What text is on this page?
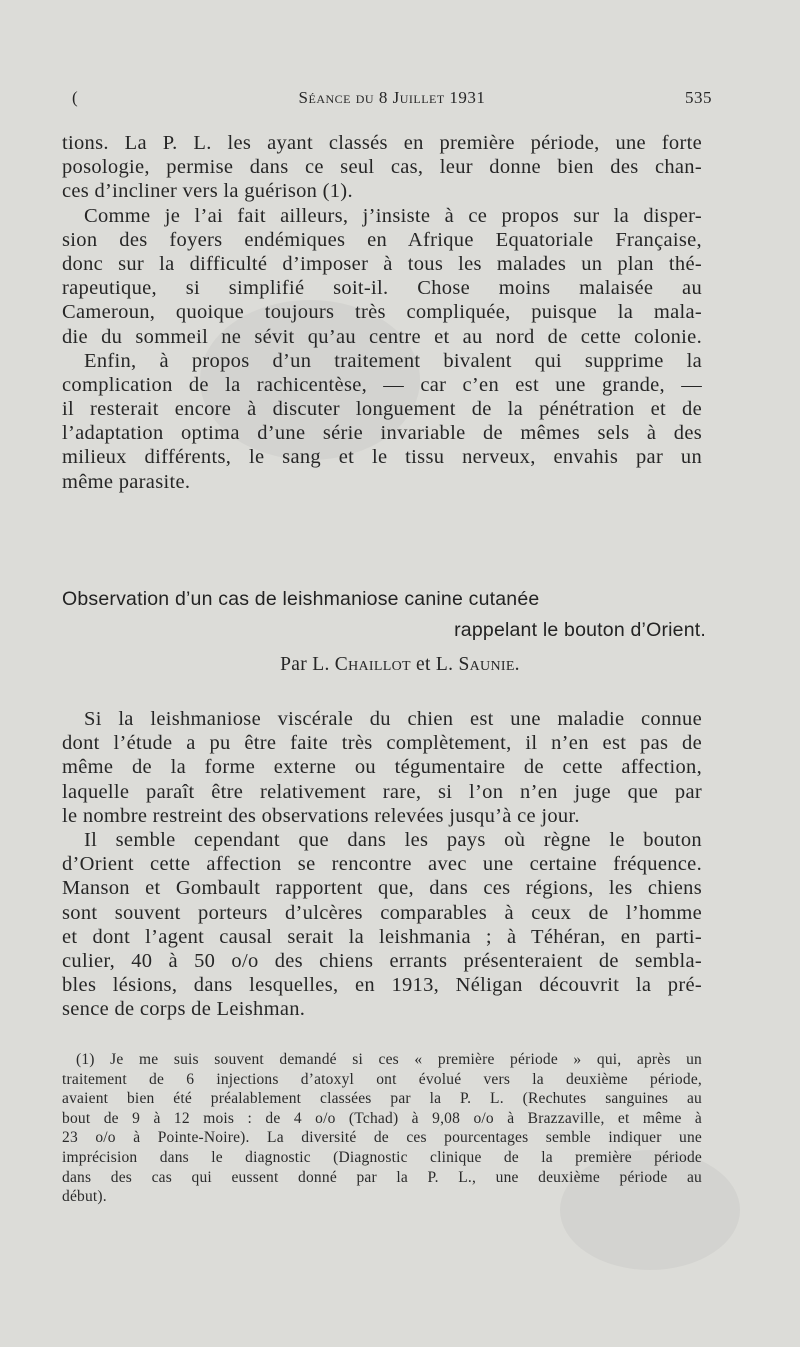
(	Séance du 8 Juillet 1931	535
tions. La P. L. les ayant classés en première période, une forte
posologie, permise dans ce seul cas, leur donne bien des chan-
ces d’incliner vers la guérison (1).
Comme je l’ai fait ailleurs, j’insiste à ce propos sur la disper-
sion des foyers endémiques en Afrique Equatoriale Française,
donc sur la difficulté d’imposer à tous les malades un plan thé-
rapeutique, si simplifié soit-il. Chose moins malaisée au
Cameroun, quoique toujours très compliquée, puisque la mala-
die du sommeil ne sévit qu’au centre et au nord de cette colonie.
Enfin, à propos d’un traitement bivalent qui supprime la
complication de la rachicentèse, — car c’en est une grande, —
il resterait encore à discuter longuement de la pénétration et de
l’adaptation optima d’une série invariable de mêmes sels à des
milieux différents, le sang et le tissu nerveux, envahis par un
même parasite.
Observation d’un cas de leishmaniose canine cutanée
rappelant le bouton d’Orient.
Par L. Chaillot et L. Saunie.
Si la leishmaniose viscérale du chien est une maladie connue
dont l’étude a pu être faite très complètement, il n’en est pas de
même de la forme externe ou tégumentaire de cette affection,
laquelle paraît être relativement rare, si l’on n’en juge que par
le nombre restreint des observations relevées jusqu’à ce jour.
Il semble cependant que dans les pays où règne le bouton
d’Orient cette affection se rencontre avec une certaine fréquence.
Manson et Gombault rapportent que, dans ces régions, les chiens
sont souvent porteurs d’ulcères comparables à ceux de l’homme
et dont l’agent causal serait la leishmania ; à Téhéran, en parti-
culier, 40 à 50 o/o des chiens errants présenteraient de sembla-
bles lésions, dans lesquelles, en 1913, Néligan découvrit la pré-
sence de corps de Leishman.
(1) Je me suis souvent demandé si ces « première période » qui, après un
traitement de 6 injections d’atoxyl ont évolué vers la deuxième période,
avaient bien été préalablement classées par la P. L. (Rechutes sanguines au
bout de 9 à 12 mois : de 4 o/o (Tchad) à 9,08 o/o à Brazzaville, et même à
23 o/o à Pointe-Noire). La diversité de ces pourcentages semble indiquer une
imprécision dans le diagnostic (Diagnostic clinique de la première période
dans des cas qui eussent donné par la P. L., une deuxième période au
début).
